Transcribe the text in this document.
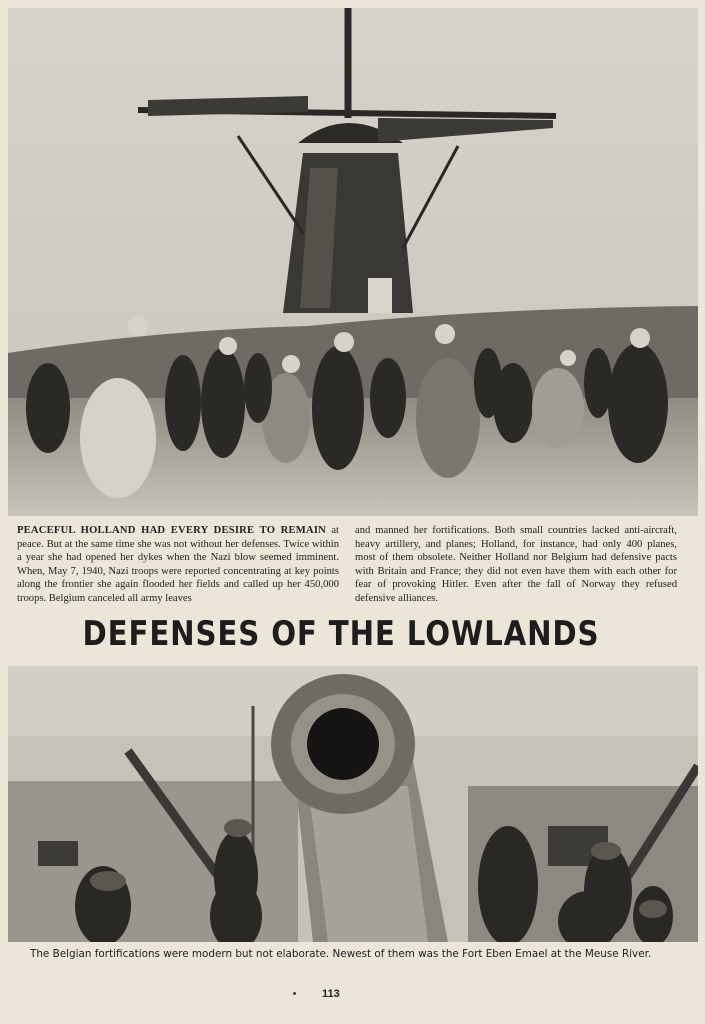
PEACEFUL HOLLAND HAD EVERY DESIRE TO REMAIN at peace. But at the same time she was not without her defenses. Twice within a year she had opened her dykes when the Nazi blow seemed imminent. When, May 7, 1940, Nazi troops were reported concentrating at key points along the frontier she again flooded her fields and called up her 450,000 troops. Belgium canceled all army leaves

and manned her fortifications. Both small countries lacked anti-aircraft, heavy artillery, and planes; Holland, for instance, had only 400 planes, most of them obsolete. Neither Holland nor Belgium had defensive pacts with Britain and France; they did not even have them with each other for fear of provoking Hitler. Even after the fall of Norway they refused defensive alliances.

DEFENSES OF THE LOWLANDS

The Belgian fortifications were modern but not elaborate. Newest of them was the Fort Eben Emael at the Meuse River.

113
